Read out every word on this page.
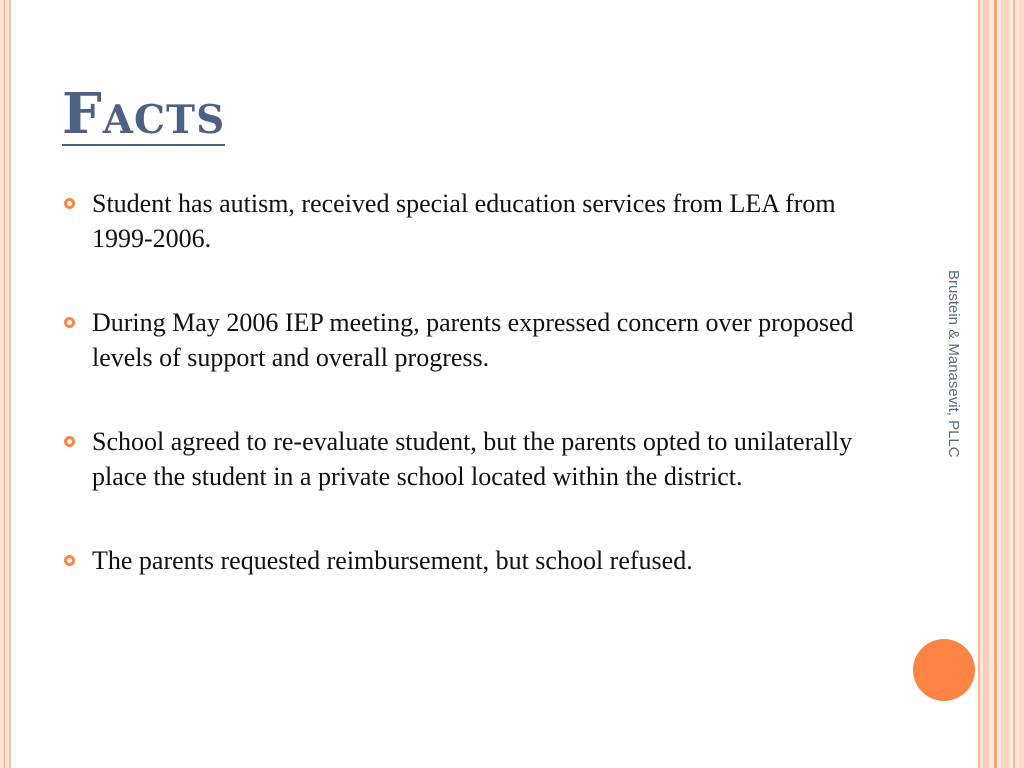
Facts
Student has autism, received special education services from LEA from 1999-2006.
During May 2006 IEP meeting, parents expressed concern over proposed levels of support and overall progress.
School agreed to re-evaluate student, but the parents opted to unilaterally place the student in a private school located within the district.
The parents requested reimbursement, but school refused.
Brustein & Manasevit, PLLC
